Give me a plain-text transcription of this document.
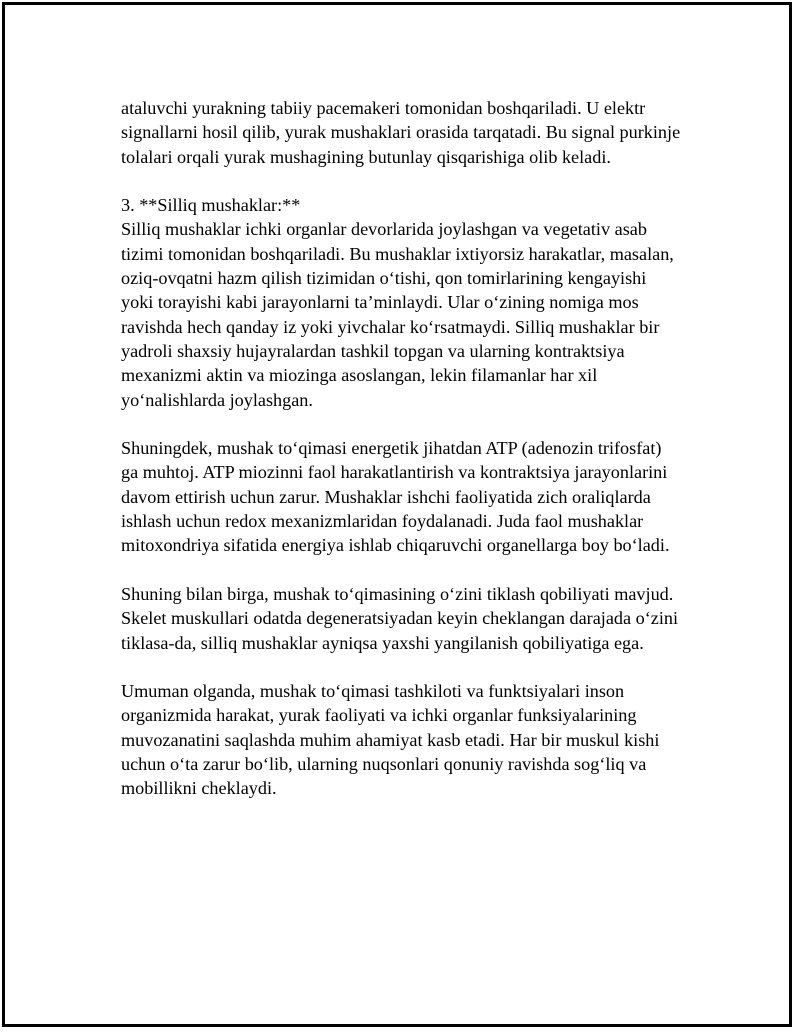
ataluvchi yurakning tabiiy pacemakeri tomonidan boshqariladi. U elektr
signallarni hosil qilib, yurak mushaklari orasida tarqatadi. Bu signal purkinje
tolalari orqali yurak mushagining butunlay qisqarishiga olib keladi.
3. **Silliq mushaklar:**
Silliq mushaklar ichki organlar devorlarida joylashgan va vegetativ asab
tizimi tomonidan boshqariladi. Bu mushaklar ixtiyorsiz harakatlar, masalan,
oziq-ovqatni hazm qilish tizimidan o‘tishi, qon tomirlarining kengayishi
yoki torayishi kabi jarayonlarni ta’minlaydi. Ular o‘zining nomiga mos
ravishda hech qanday iz yoki yivchalar ko‘rsatmaydi. Silliq mushaklar bir
yadroli shaxsiy hujayralardan tashkil topgan va ularning kontraktsiya
mexanizmi aktin va miozinga asoslangan, lekin filamanlar har xil
yo‘nalishlarda joylashgan.
Shuningdek, mushak to‘qimasi energetik jihatdan ATP (adenozin trifosfat)
ga muhtoj. ATP miozinni faol harakatlantirish va kontraktsiya jarayonlarini
davom ettirish uchun zarur. Mushaklar ishchi faoliyatida zich oraliqlarda
ishlash uchun redox mexanizmlaridan foydalanadi. Juda faol mushaklar
mitoxondriya sifatida energiya ishlab chiqaruvchi organellarga boy bo‘ladi.
Shuning bilan birga, mushak to‘qimasining o‘zini tiklash qobiliyati mavjud.
Skelet muskullari odatda degeneratsiyadan keyin cheklangan darajada o‘zini
tiklasa-da, silliq mushaklar ayniqsa yaxshi yangilanish qobiliyatiga ega.
Umuman olganda, mushak to‘qimasi tashkiloti va funktsiyalari inson
organizmida harakat, yurak faoliyati va ichki organlar funksiyalarining
muvozanatini saqlashda muhim ahamiyat kasb etadi. Har bir muskul kishi
uchun o‘ta zarur bo‘lib, ularning nuqsonlari qonuniy ravishda sog‘liq va
mobillikni cheklaydi.
